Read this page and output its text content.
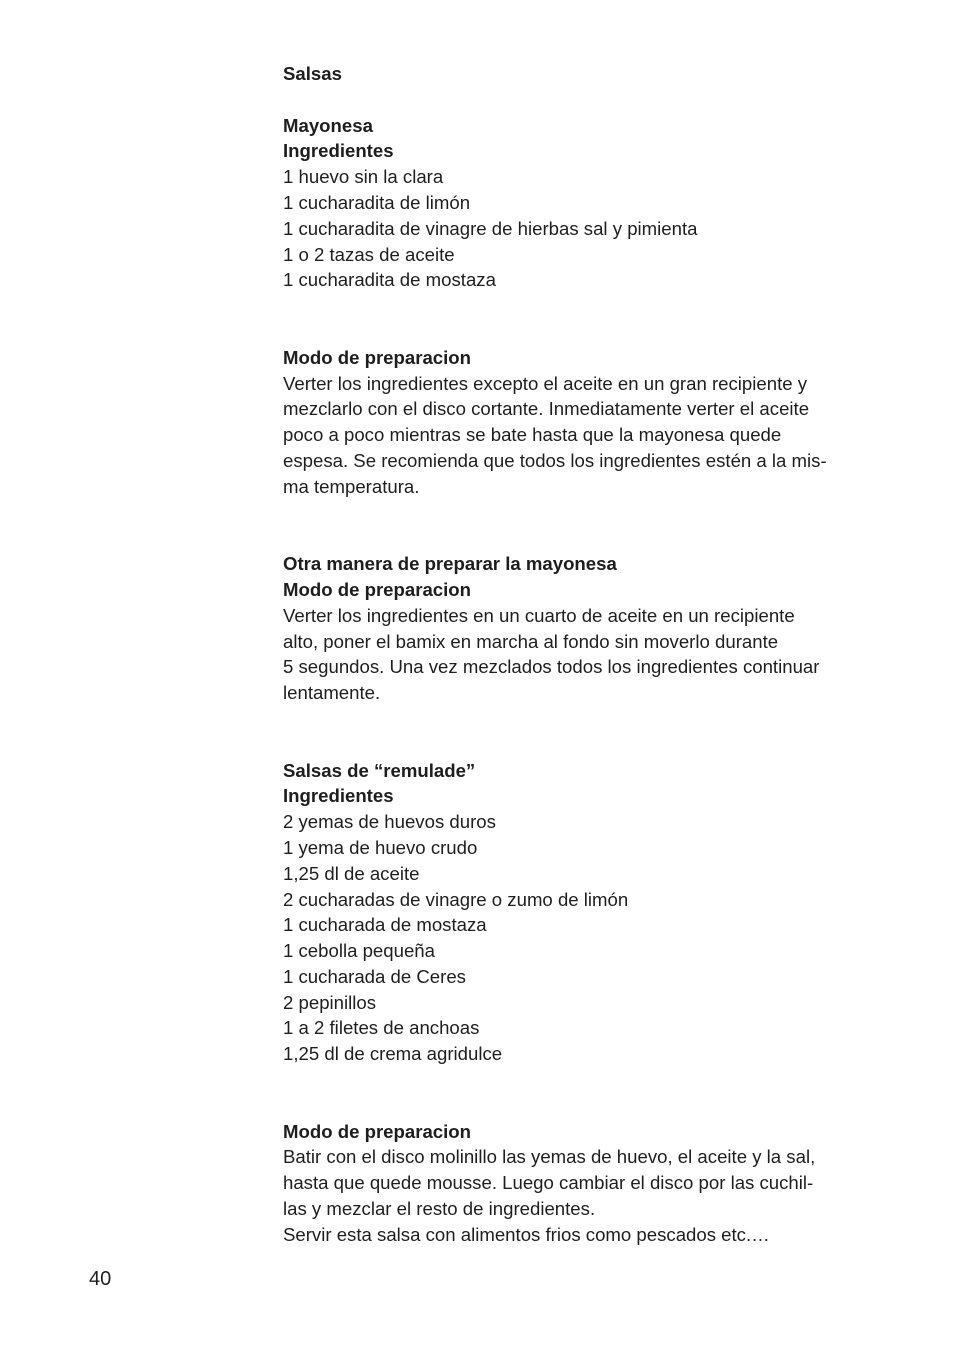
Salsas
Mayonesa
Ingredientes
1 huevo sin la clara
1 cucharadita de limón
1 cucharadita de vinagre de hierbas sal y pimienta
1 o 2 tazas de aceite
1 cucharadita de mostaza
Modo de preparacion
Verter los ingredientes excepto el aceite en un gran recipiente y
mezclarlo con el disco cortante. Inmediatamente verter el aceite
poco a poco mientras se bate hasta que la mayonesa quede
espesa. Se recomienda que todos los ingredientes estén a la mis-
ma temperatura.
Otra manera de preparar la mayonesa
Modo de preparacion
Verter los ingredientes en un cuarto de aceite en un recipiente
alto, poner el bamix en marcha al fondo sin moverlo durante
5 segundos. Una vez mezclados todos los ingredientes continuar
lentamente.
Salsas de “remulade”
Ingredientes
2 yemas de huevos duros
1 yema de huevo crudo
1,25 dl de aceite
2 cucharadas de vinagre o zumo de limón
1 cucharada de mostaza
1 cebolla pequeña
1 cucharada de Ceres
2 pepinillos
1 a 2 filetes de anchoas
1,25 dl de crema agridulce
Modo de preparacion
Batir con el disco molinillo las yemas de huevo, el aceite y la sal,
hasta que quede mousse. Luego cambiar el disco por las cuchil-
las y mezclar el resto de ingredientes.
Servir esta salsa con alimentos frios como pescados etc.…
40
